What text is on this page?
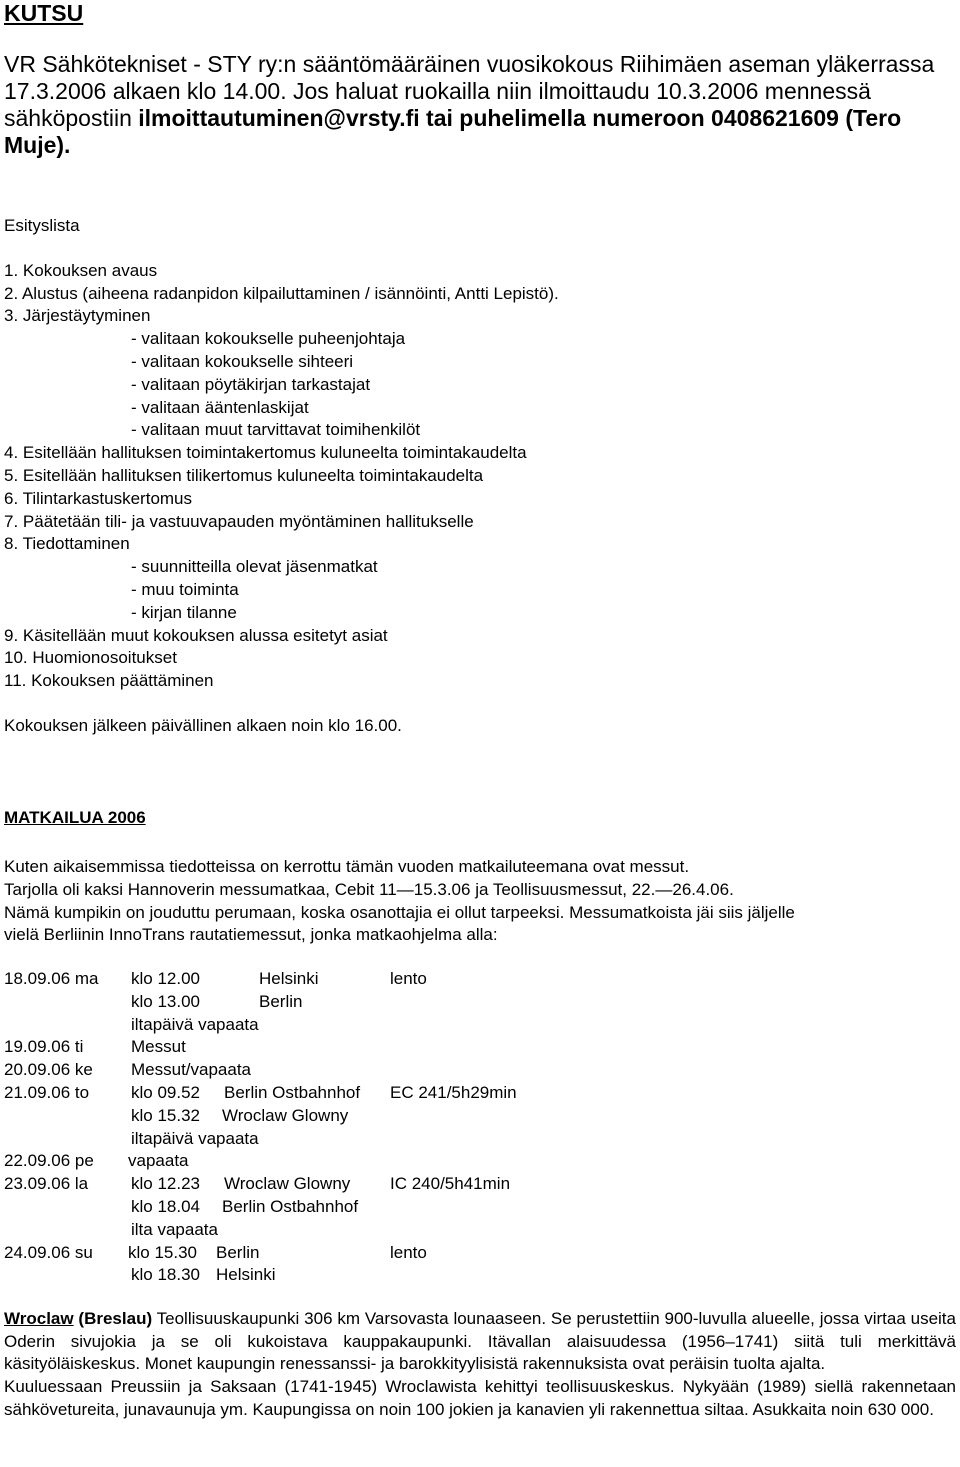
KUTSU

VR Sähkötekniset - STY ry:n sääntömääräinen vuosikokous Riihimäen aseman yläkerrassa 17.3.2006 alkaen klo 14.00. Jos haluat ruokailla niin ilmoittaudu 10.3.2006 mennessä sähköpostiin ilmoittautuminen@vrsty.fi tai puhelimella numeroon 0408621609 (Tero Muje).

Esityslista
1. Kokouksen avaus
2. Alustus (aiheena radanpidon kilpailuttaminen / isännöinti, Antti Lepistö).
3. Järjestäytyminen
- valitaan kokoukselle puheenjohtaja
- valitaan kokoukselle sihteeri
- valitaan pöytäkirjan tarkastajat
- valitaan ääntenlaskijat
- valitaan muut tarvittavat toimihenkilöt
4. Esitellään hallituksen toimintakertomus kuluneelta toimintakaudelta
5. Esitellään hallituksen tilikertomus kuluneelta toimintakaudelta
6. Tilintarkastuskertomus
7. Päätetään tili- ja vastuuvapauden myöntäminen hallitukselle
8. Tiedottaminen
- suunnitteilla olevat jäsenmatkat
- muu toiminta
- kirjan tilanne
9. Käsitellään muut kokouksen alussa esitetyt asiat
10. Huomionosoitukset
11. Kokouksen päättäminen
Kokouksen jälkeen päivällinen alkaen noin klo 16.00.
MATKAILUA 2006
Kuten aikaisemmissa tiedotteissa on kerrottu tämän vuoden matkailuteemana ovat messut.
Tarjolla oli kaksi Hannoverin messumatkaa, Cebit 11—15.3.06 ja Teollisuusmessut, 22.—26.4.06.
Nämä kumpikin on jouduttu perumaan, koska osanottajia ei ollut tarpeeksi. Messumatkoista jäi siis jäljelle
vielä Berliinin InnoTrans rautatiemessut, jonka matkaohjelma alla:
18.09.06 ma klo 12.00	Helsinki	lento
klo 13.00	Berlin
iltapäivä vapaata
19.09.06 ti	Messut
20.09.06 ke Messut/vapaata
21.09.06 to klo 09.52 Berlin Ostbahnhof EC 241/5h29min
klo 15.32 Wroclaw Glowny
iltapäivä vapaata
22.09.06 pe vapaata
23.09.06 la	klo 12.23 Wroclaw Glowny IC 240/5h41min
klo 18.04 Berlin Ostbahnhof
ilta vapaata
24.09.06 su klo 15.30 Berlin	lento
klo 18.30 Helsinki
Wroclaw (Breslau) Teollisuuskaupunki 306 km Varsovasta lounaaseen. Se perustettiin 900-luvulla alueelle, jossa virtaa useita Oderin sivujokia ja se oli kukoistava kauppakaupunki. Itävallan alaisuudessa (1956–1741) siitä tuli merkittävä käsityöläiskeskus. Monet kaupungin renessanssi- ja barokkityylisistä rakennuksista ovat peräisin tuolta ajalta.
Kuuluessaan Preussiin ja Saksaan (1741-1945) Wroclawista kehittyi teollisuuskeskus. Nykyään (1989) siellä rakennetaan sähkövetureita, junavaunuja ym. Kaupungissa on noin 100 jokien ja kanavien yli rakennettua siltaa. Asukkaita noin 630 000.
